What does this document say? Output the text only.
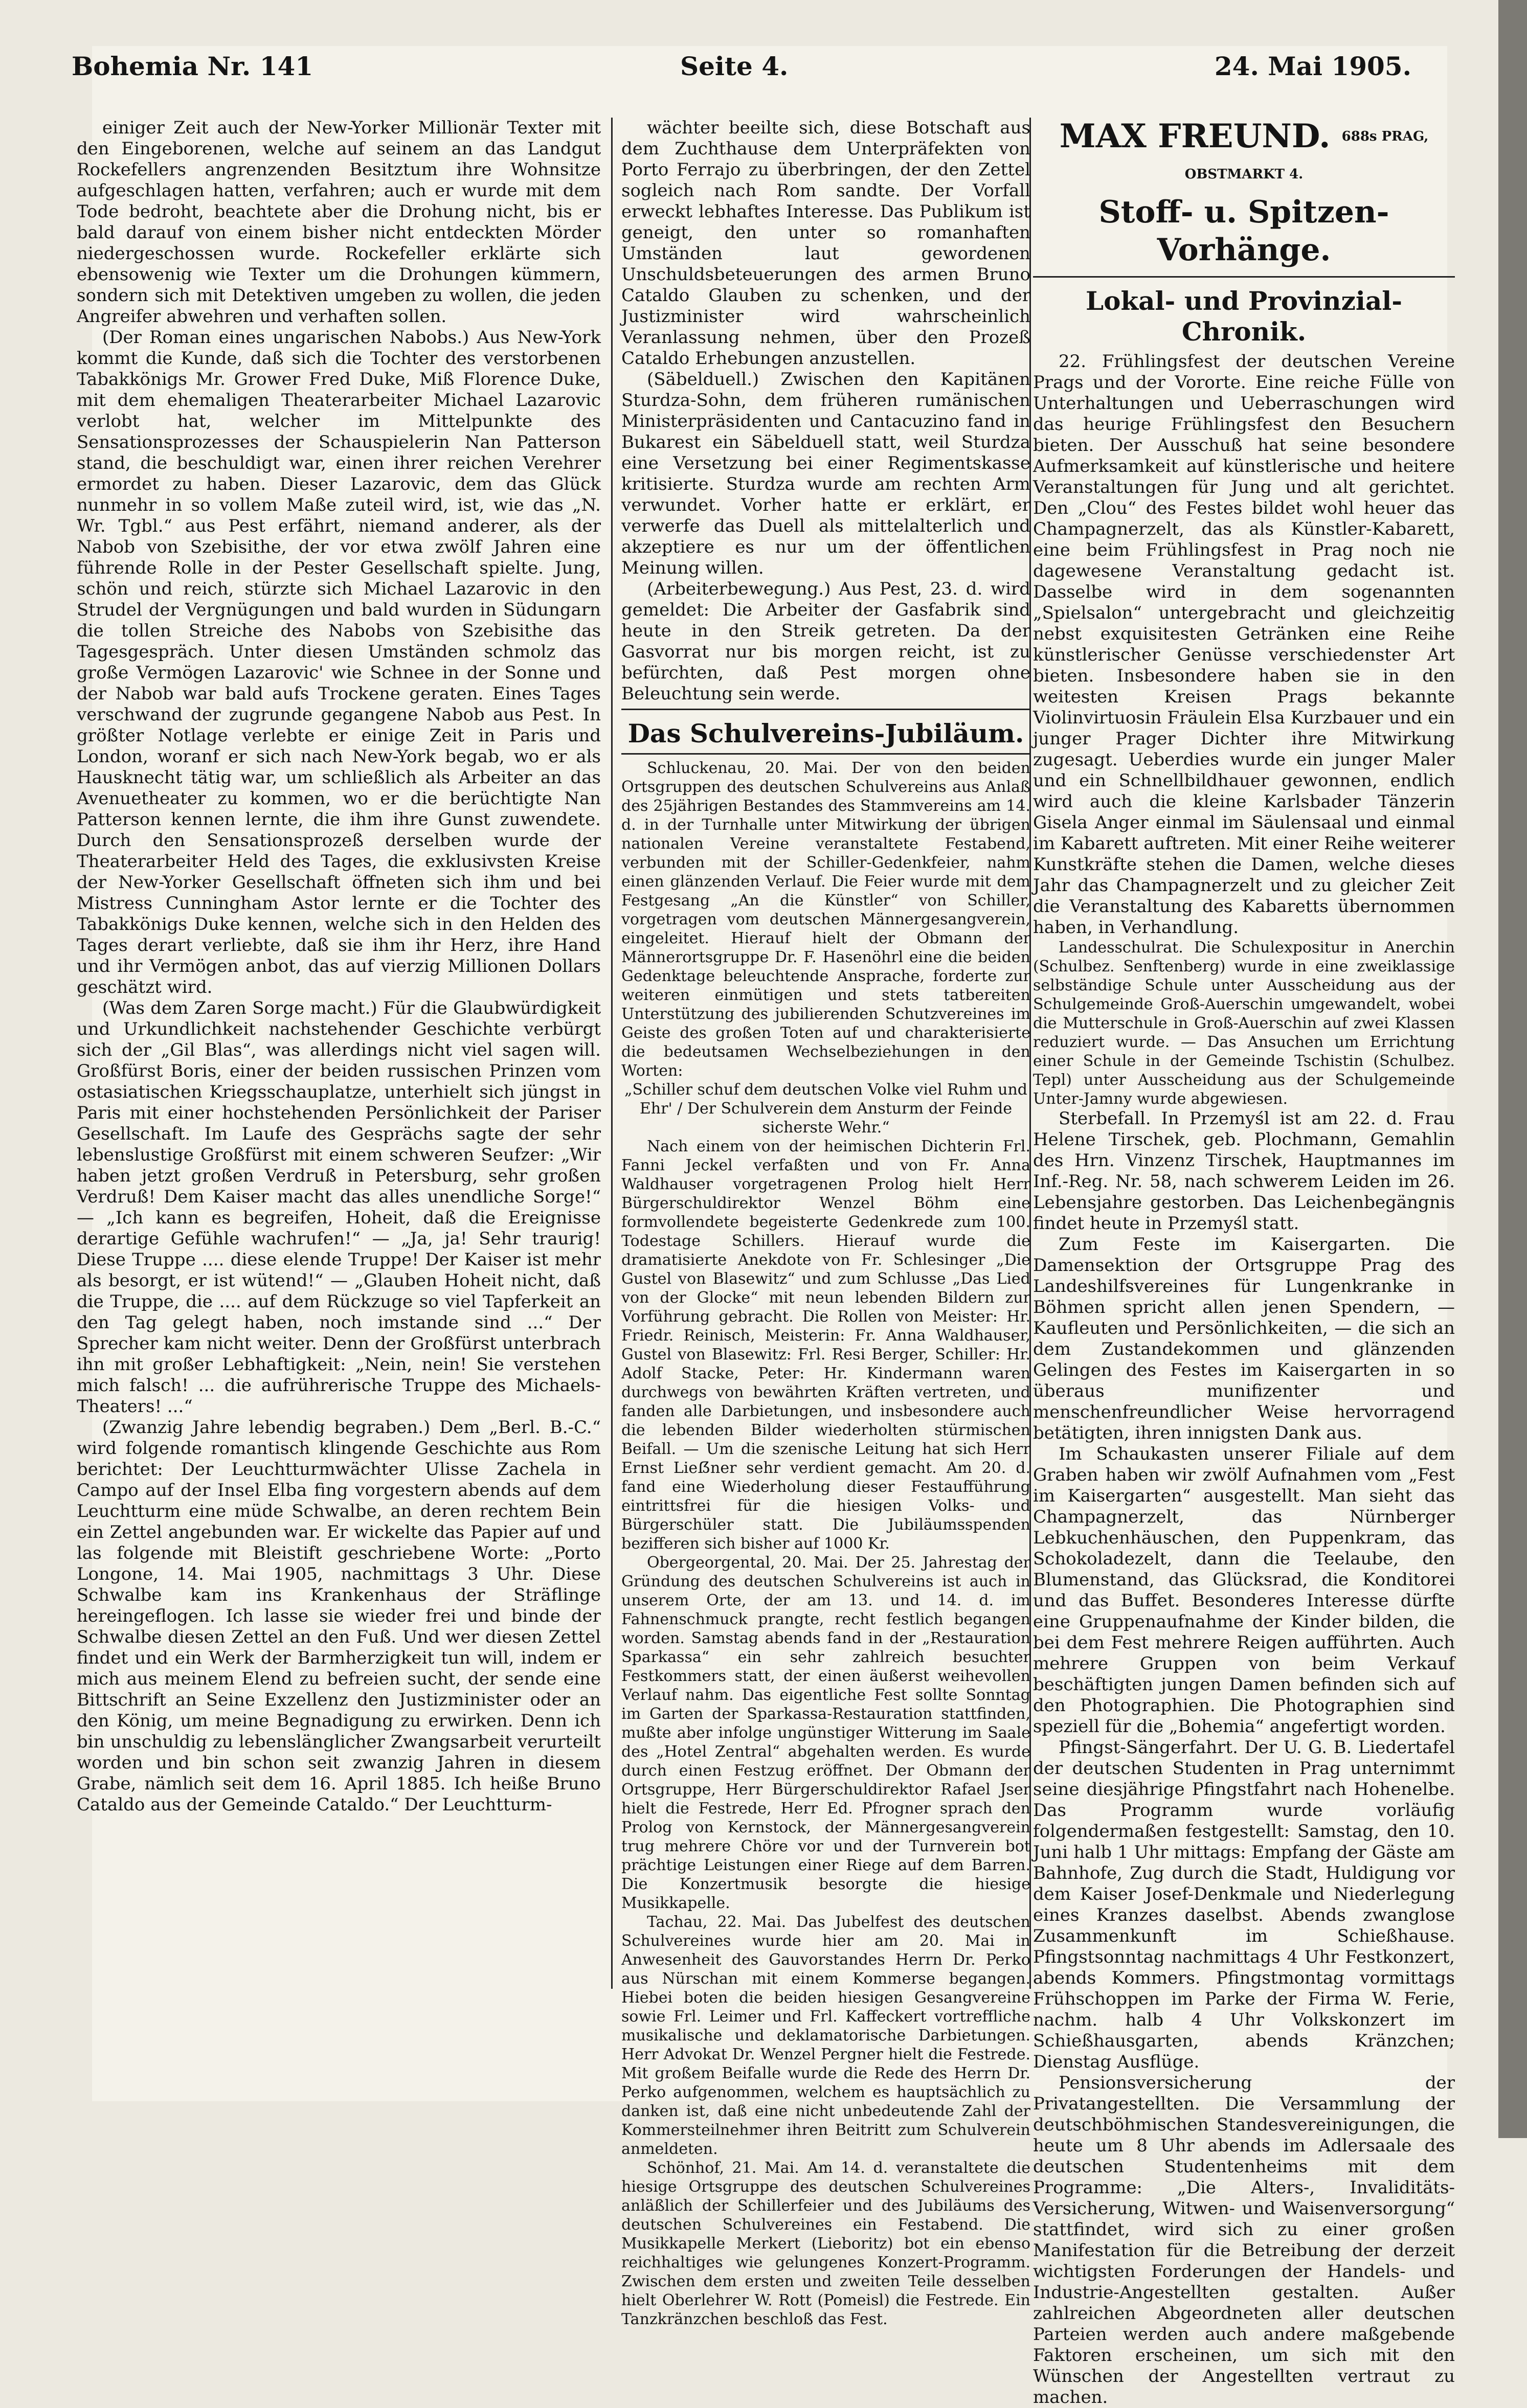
Bohemia Nr. 141	Seite 4.	24. Mai 1905.

einiger Zeit auch der New-Yorker Millionär Texter mit den Eingeborenen, welche auf seinem an das Landgut Rockefellers angrenzenden Besitztum ihre Wohnsitze aufgeschlagen hatten, verfahren; auch er wurde mit dem Tode bedroht, beachtete aber die Drohung nicht, bis er bald darauf von einem bisher nicht entdeckten Mörder niedergeschossen wurde. Rockefeller erklärte sich ebensowenig wie Texter um die Drohungen kümmern, sondern sich mit Detektiven umgeben zu wollen, die jeden Angreifer abwehren und verhaften sollen.

(Der Roman eines ungarischen Nabobs.) Aus New-York kommt die Kunde, daß sich die Tochter des verstorbenen Tabakkönigs Mr. Grower Fred Duke, Miß Florence Duke, mit dem ehemaligen Theaterarbeiter Michael Lazarovic verlobt hat, welcher im Mittelpunkte des Sensationsprozesses der Schauspielerin Nan Patterson stand, die beschuldigt war, einen ihrer reichen Verehrer ermordet zu haben. Dieser Lazarovic, dem das Glück nunmehr in so vollem Maße zuteil wird, ist, wie das „N. Wr. Tgbl.“ aus Pest erfährt, niemand anderer, als der Nabob von Szebisithe, der vor etwa zwölf Jahren eine führende Rolle in der Pester Gesellschaft spielte. Jung, schön und reich, stürzte sich Michael Lazarovic in den Strudel der Vergnügungen und bald wurden in Südungarn die tollen Streiche des Nabobs von Szebisithe das Tagesgespräch. Unter diesen Umständen schmolz das große Vermögen Lazarovic' wie Schnee in der Sonne und der Nabob war bald aufs Trockene geraten. Eines Tages verschwand der zugrunde gegangene Nabob aus Pest. In größter Notlage verlebte er einige Zeit in Paris und London, woranf er sich nach New-York begab, wo er als Hausknecht tätig war, um schließlich als Arbeiter an das Avenuetheater zu kommen, wo er die berüchtigte Nan Patterson kennen lernte, die ihm ihre Gunst zuwendete. Durch den Sensationsprozeß derselben wurde der Theaterarbeiter Held des Tages, die exklusivsten Kreise der New-Yorker Gesellschaft öffneten sich ihm und bei Mistress Cunningham Astor lernte er die Tochter des Tabakkönigs Duke kennen, welche sich in den Helden des Tages derart verliebte, daß sie ihm ihr Herz, ihre Hand und ihr Vermögen anbot, das auf vierzig Millionen Dollars geschätzt wird.

(Was dem Zaren Sorge macht.) Für die Glaubwürdigkeit und Urkundlichkeit nachstehender Geschichte verbürgt sich der „Gil Blas“, was allerdings nicht viel sagen will. Großfürst Boris, einer der beiden russischen Prinzen vom ostasiatischen Kriegsschauplatze, unterhielt sich jüngst in Paris mit einer hochstehenden Persönlichkeit der Pariser Gesellschaft. Im Laufe des Gesprächs sagte der sehr lebenslustige Großfürst mit einem schweren Seufzer: „Wir haben jetzt großen Verdruß in Petersburg, sehr großen Verdruß! Dem Kaiser macht das alles unendliche Sorge!“ — „Ich kann es begreifen, Hoheit, daß die Ereignisse derartige Gefühle wachrufen!“ — „Ja, ja! Sehr traurig! Diese Truppe .... diese elende Truppe! Der Kaiser ist mehr als besorgt, er ist wütend!“ — „Glauben Hoheit nicht, daß die Truppe, die .... auf dem Rückzuge so viel Tapferkeit an den Tag gelegt haben, noch imstande sind ...“ Der Sprecher kam nicht weiter. Denn der Großfürst unterbrach ihn mit großer Lebhaftigkeit: „Nein, nein! Sie verstehen mich falsch! ... die aufrührerische Truppe des Michaels-Theaters! ...“

(Zwanzig Jahre lebendig begraben.) Dem „Berl. B.-C.“ wird folgende romantisch klingende Geschichte aus Rom berichtet: Der Leuchtturmwächter Ulisse Zachela in Campo auf der Insel Elba fing vorgestern abends auf dem Leuchtturm eine müde Schwalbe, an deren rechtem Bein ein Zettel angebunden war. Er wickelte das Papier auf und las folgende mit Bleistift geschriebene Worte: „Porto Longone, 14. Mai 1905, nachmittags 3 Uhr. Diese Schwalbe kam ins Krankenhaus der Sträflinge hereingeflogen. Ich lasse sie wieder frei und binde der Schwalbe diesen Zettel an den Fuß. Und wer diesen Zettel findet und ein Werk der Barmherzigkeit tun will, indem er mich aus meinem Elend zu befreien sucht, der sende eine Bittschrift an Seine Exzellenz den Justizminister oder an den König, um meine Begnadigung zu erwirken. Denn ich bin unschuldig zu lebenslänglicher Zwangsarbeit verurteilt worden und bin schon seit zwanzig Jahren in diesem Grabe, nämlich seit dem 16. April 1885. Ich heiße Bruno Cataldo aus der Gemeinde Cataldo.“ Der Leuchtturm-

wächter beeilte sich, diese Botschaft aus dem Zuchthause dem Unterpräfekten von Porto Ferrajo zu überbringen, der den Zettel sogleich nach Rom sandte. Der Vorfall erweckt lebhaftes Interesse. Das Publikum ist geneigt, den unter so romanhaften Umständen laut gewordenen Unschuldsbeteuerungen des armen Bruno Cataldo Glauben zu schenken, und der Justizminister wird wahrscheinlich Veranlassung nehmen, über den Prozeß Cataldo Erhebungen anzustellen.

(Säbelduell.) Zwischen den Kapitänen Sturdza-Sohn, dem früheren rumänischen Ministerpräsidenten und Cantacuzino fand in Bukarest ein Säbelduell statt, weil Sturdza eine Versetzung bei einer Regimentskasse kritisierte. Sturdza wurde am rechten Arm verwundet. Vorher hatte er erklärt, er verwerfe das Duell als mittelalterlich und akzeptiere es nur um der öffentlichen Meinung willen.

(Arbeiterbewegung.) Aus Pest, 23. d. wird gemeldet: Die Arbeiter der Gasfabrik sind heute in den Streik getreten. Da der Gasvorrat nur bis morgen reicht, ist zu befürchten, daß Pest morgen ohne Beleuchtung sein werde.

Das Schulvereins-Jubiläum.

Schluckenau, 20. Mai. Der von den beiden Ortsgruppen des deutschen Schulvereins aus Anlaß des 25jährigen Bestandes des Stammvereins am 14. d. in der Turnhalle unter Mitwirkung der übrigen nationalen Vereine veranstaltete Festabend, verbunden mit der Schiller-Gedenkfeier, nahm einen glänzenden Verlauf. Die Feier wurde mit dem Festgesang „An die Künstler“ von Schiller, vorgetragen vom deutschen Männergesangverein, eingeleitet. Hierauf hielt der Obmann der Männerortsgruppe Dr. F. Hasenöhrl eine die beiden Gedenktage beleuchtende Ansprache, forderte zur weiteren einmütigen und stets tatbereiten Unterstützung des jubilierenden Schutzvereines im Geiste des großen Toten auf und charakterisierte die bedeutsamen Wechselbeziehungen in den Worten:

„Schiller schuf dem deutschen Volke viel Ruhm und Ehr' / Der Schulverein dem Ansturm der Feinde sicherste Wehr.“

Nach einem von der heimischen Dichterin Frl. Fanni Jeckel verfaßten und von Fr. Anna Waldhauser vorgetragenen Prolog hielt Herr Bürgerschuldirektor Wenzel Böhm eine formvollendete begeisterte Gedenkrede zum 100. Todestage Schillers. Hierauf wurde die dramatisierte Anekdote von Fr. Schlesinger „Die Gustel von Blasewitz“ und zum Schlusse „Das Lied von der Glocke“ mit neun lebenden Bildern zur Vorführung gebracht. Die Rollen von Meister: Hr. Friedr. Reinisch, Meisterin: Fr. Anna Waldhauser, Gustel von Blasewitz: Frl. Resi Berger, Schiller: Hr. Adolf Stacke, Peter: Hr. Kindermann waren durchwegs von bewährten Kräften vertreten, und fanden alle Darbietungen, und insbesondere auch die lebenden Bilder wiederholten stürmischen Beifall. — Um die szenische Leitung hat sich Herr Ernst Lieẞner sehr verdient gemacht. Am 20. d. fand eine Wiederholung dieser Festaufführung eintrittsfrei für die hiesigen Volks- und Bürgerschüler statt. Die Jubiläumsspenden bezifferen sich bisher auf 1000 Kr.

Obergeorgental, 20. Mai. Der 25. Jahrestag der Gründung des deutschen Schulvereins ist auch in unserem Orte, der am 13. und 14. d. im Fahnenschmuck prangte, recht festlich begangen worden. Samstag abends fand in der „Restauration Sparkassa“ ein sehr zahlreich besuchter Festkommers statt, der einen äußerst weihevollen Verlauf nahm. Das eigentliche Fest sollte Sonntag im Garten der Sparkassa-Restauration stattfinden, mußte aber infolge ungünstiger Witterung im Saale des „Hotel Zentral“ abgehalten werden. Es wurde durch einen Festzug eröffnet. Der Obmann der Ortsgruppe, Herr Bürgerschuldirektor Rafael Jser hielt die Festrede, Herr Ed. Pfrogner sprach den Prolog von Kernstock, der Männergesangverein trug mehrere Chöre vor und der Turnverein bot prächtige Leistungen einer Riege auf dem Barren. Die Konzertmusik besorgte die hiesige Musikkapelle.

Tachau, 22. Mai. Das Jubelfest des deutschen Schulvereines wurde hier am 20. Mai in Anwesenheit des Gauvorstandes Herrn Dr. Perko aus Nürschan mit einem Kommerse begangen. Hiebei boten die beiden hiesigen Gesangvereine sowie Frl. Leimer und Frl. Kaffeckert vortreffliche musikalische und deklamatorische Darbietungen. Herr Advokat Dr. Wenzel Pergner hielt die Festrede. Mit großem Beifalle wurde die Rede des Herrn Dr. Perko aufgenommen, welchem es hauptsächlich zu danken ist, daß eine nicht unbedeutende Zahl der Kommersteilnehmer ihren Beitritt zum Schulverein anmeldeten.

Schönhof, 21. Mai. Am 14. d. veranstaltete die hiesige Ortsgruppe des deutschen Schulvereines anläßlich der Schillerfeier und des Jubiläums des deutschen Schulvereines ein Festabend. Die Musikkapelle Merkert (Lieboritz) bot ein ebenso reichhaltiges wie gelungenes Konzert-Programm. Zwischen dem ersten und zweiten Teile desselben hielt Oberlehrer W. Rott (Pomeisl) die Festrede. Ein Tanzkränzchen beschloß das Fest.

MAX FREUND. $^{688s PRAG, OBSTMARKT 4.}$
Stoff- u. Spitzen-Vorhänge.
Lokal- und Provinzial-Chronik.

22. Frühlingsfest der deutschen Vereine Prags und der Vororte. Eine reiche Fülle von Unterhaltungen und Ueberraschungen wird das heurige Frühlingsfest den Besuchern bieten. Der Ausschuß hat seine besondere Aufmerksamkeit auf künstlerische und heitere Veranstaltungen für Jung und alt gerichtet. Den „Clou“ des Festes bildet wohl heuer das Champagnerzelt, das als Künstler-Kabarett, eine beim Frühlingsfest in Prag noch nie dagewesene Veranstaltung gedacht ist. Dasselbe wird in dem sogenannten „Spielsalon“ untergebracht und gleichzeitig nebst exquisitesten Getränken eine Reihe künstlerischer Genüsse verschiedenster Art bieten. Insbesondere haben sie in den weitesten Kreisen Prags bekannte Violinvirtuosin Fräulein Elsa Kurzbauer und ein junger Prager Dichter ihre Mitwirkung zugesagt. Ueberdies wurde ein junger Maler und ein Schnellbildhauer gewonnen, endlich wird auch die kleine Karlsbader Tänzerin Gisela Anger einmal im Säulensaal und einmal im Kabarett auftreten. Mit einer Reihe weiterer Kunstkräfte stehen die Damen, welche dieses Jahr das Champagnerzelt und zu gleicher Zeit die Veranstaltung des Kabaretts übernommen haben, in Verhandlung.

Landesschulrat. Die Schulexpositur in Anerchin (Schulbez. Senftenberg) wurde in eine zweiklassige selbständige Schule unter Ausscheidung aus der Schulgemeinde Groß-Auerschin umgewandelt, wobei die Mutterschule in Groß-Auerschin auf zwei Klassen reduziert wurde. — Das Ansuchen um Errichtung einer Schule in der Gemeinde Tschistin (Schulbez. Tepl) unter Ausscheidung aus der Schulgemeinde Unter-Jamny wurde abgewiesen.

Sterbefall. In Przemyśl ist am 22. d. Frau Helene Tirschek, geb. Plochmann, Gemahlin des Hrn. Vinzenz Tirschek, Hauptmannes im Inf.-Reg. Nr. 58, nach schwerem Leiden im 26. Lebensjahre gestorben. Das Leichenbegängnis findet heute in Przemyśl statt.

Zum Feste im Kaisergarten. Die Damensektion der Ortsgruppe Prag des Landeshilfsvereines für Lungenkranke in Böhmen spricht allen jenen Spendern, — Kaufleuten und Persönlichkeiten, — die sich an dem Zustandekommen und glänzenden Gelingen des Festes im Kaisergarten in so überaus munifizenter und menschenfreundlicher Weise hervorragend betätigten, ihren innigsten Dank aus.

Im Schaukasten unserer Filiale auf dem Graben haben wir zwölf Aufnahmen vom „Fest im Kaisergarten“ ausgestellt. Man sieht das Champagnerzelt, das Nürnberger Lebkuchenhäuschen, den Puppenkram, das Schokoladezelt, dann die Teelaube, den Blumenstand, das Glücksrad, die Konditorei und das Buffet. Besonderes Interesse dürfte eine Gruppenaufnahme der Kinder bilden, die bei dem Fest mehrere Reigen aufführten. Auch mehrere Gruppen von beim Verkauf beschäftigten jungen Damen befinden sich auf den Photographien. Die Photographien sind speziell für die „Bohemia“ angefertigt worden.

Pfingst-Sängerfahrt. Der U. G. B. Liedertafel der deutschen Studenten in Prag unternimmt seine diesjährige Pfingstfahrt nach Hohenelbe. Das Programm wurde vorläufig folgendermaßen festgestellt: Samstag, den 10. Juni halb 1 Uhr mittags: Empfang der Gäste am Bahnhofe, Zug durch die Stadt, Huldigung vor dem Kaiser Josef-Denkmale und Niederlegung eines Kranzes daselbst. Abends zwanglose Zusammenkunft im Schießhause. Pfingstsonntag nachmittags 4 Uhr Festkonzert, abends Kommers. Pfingstmontag vormittags Frühschoppen im Parke der Firma W. Ferie, nachm. halb 4 Uhr Volkskonzert im Schießhausgarten, abends Kränzchen; Dienstag Ausflüge.

Pensionsversicherung der Privatangestellten. Die Versammlung der deutschböhmischen Standesvereinigungen, die heute um 8 Uhr abends im Adlersaale des deutschen Studentenheims mit dem Programme: „Die Alters-, Invaliditäts-Versicherung, Witwen- und Waisenversorgung“ stattfindet, wird sich zu einer großen Manifestation für die Betreibung der derzeit wichtigsten Forderungen der Handels- und Industrie-Angestellten gestalten. Außer zahlreichen Abgeordneten aller deutschen Parteien werden auch andere maßgebende Faktoren erscheinen, um sich mit den Wünschen der Angestellten vertraut zu machen.
